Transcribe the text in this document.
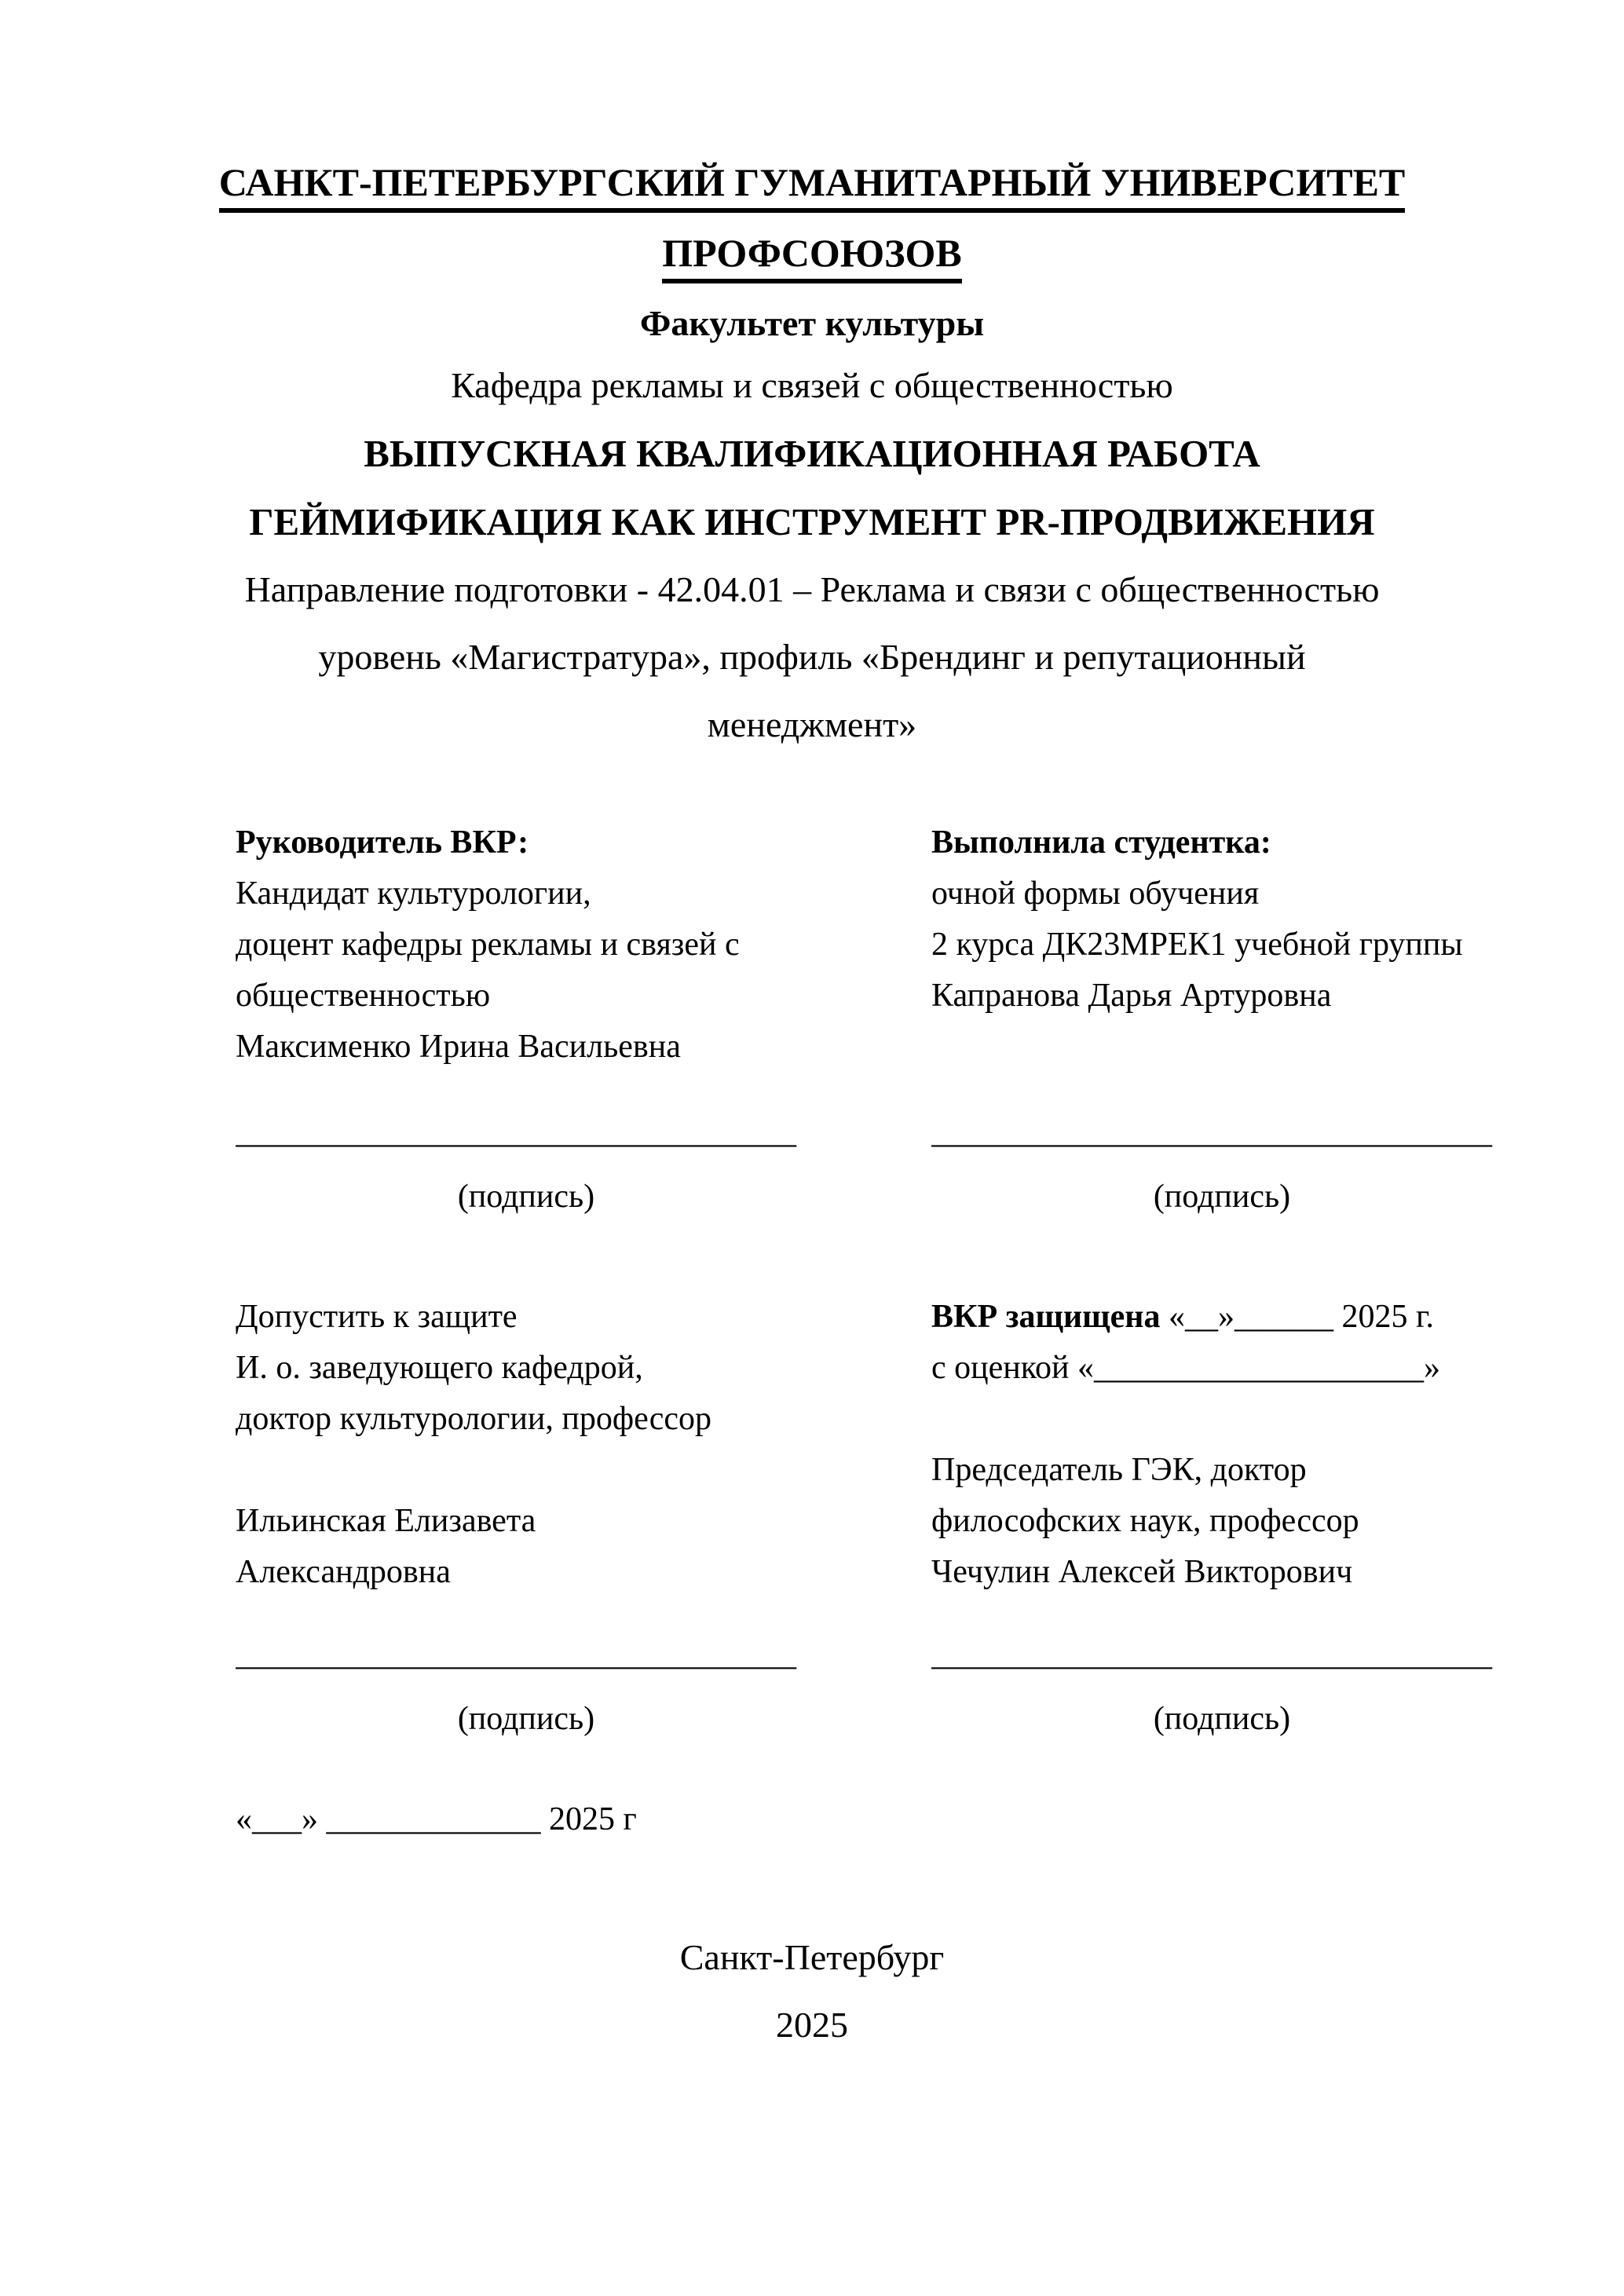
САНКТ-ПЕТЕРБУРГСКИЙ ГУМАНИТАРНЫЙ УНИВЕРСИТЕТ
ПРОФСОЮЗОВ
Факультет культуры
Кафедра рекламы и связей с общественностью
ВЫПУСКНАЯ КВАЛИФИКАЦИОННАЯ РАБОТА
ГЕЙМИФИКАЦИЯ КАК ИНСТРУМЕНТ PR-ПРОДВИЖЕНИЯ
Направление подготовки - 42.04.01 – Реклама и связи с общественностью
уровень «Магистратура», профиль «Брендинг и репутационный
менеджмент»
Руководитель ВКР:
Кандидат культурологии,
доцент кафедры рекламы и связей с
общественностью
Максименко Ирина Васильевна
Выполнила студентка:
очной формы обучения
2 курса ДК23МРЕК1 учебной группы
Капранова Дарья Артуровна
__________________________________	__________________________________
(подпись)	(подпись)
Допустить к защите
И. о. заведующего кафедрой,
доктор культурологии, профессор
Ильинская Елизавета
Александровна
ВКР защищена «__»______ 2025 г.
с оценкой «____________________»
Председатель ГЭК, доктор
философских наук, профессор
Чечулин Алексей Викторович
__________________________________	__________________________________
(подпись)	(подпись)
«___» _____________ 2025 г
Санкт-Петербург
2025
